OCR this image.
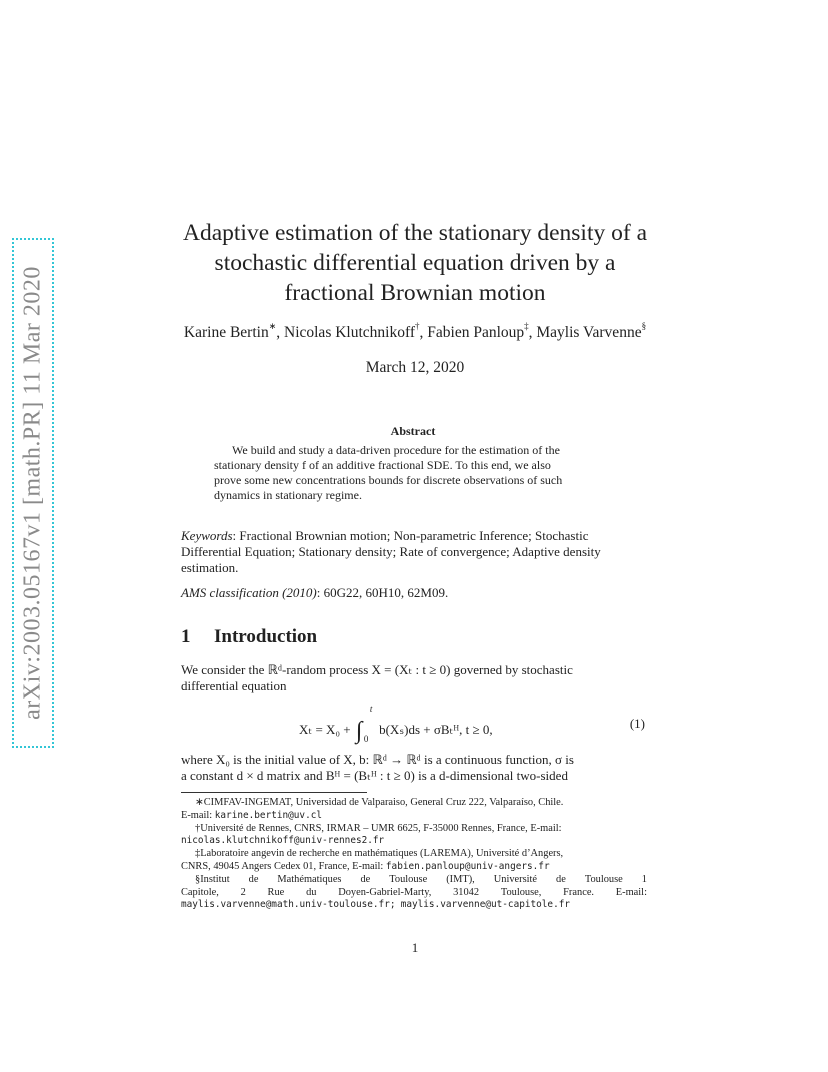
arXiv:2003.05167v1 [math.PR] 11 Mar 2020
Adaptive estimation of the stationary density of a
stochastic differential equation driven by a
fractional Brownian motion
Karine Bertin∗, Nicolas Klutchnikoff†, Fabien Panloup‡, Maylis Varvenne§
March 12, 2020
Abstract
We build and study a data-driven procedure for the estimation of the
stationary density f of an additive fractional SDE. To this end, we also
prove some new concentrations bounds for discrete observations of such
dynamics in stationary regime.
Keywords: Fractional Brownian motion; Non-parametric Inference; Stochastic
Differential Equation; Stationary density; Rate of convergence; Adaptive density
estimation.
AMS classification (2010): 60G22, 60H10, 62M09.
1 Introduction
We consider the ℝᵈ-random process X = (Xₜ : t ≥ 0) governed by stochastic
differential equation
Xₜ = X₀ + ∫
t
0
b(Xₛ)ds + σBₜᴴ, t ≥ 0,	(1)
where X₀ is the initial value of X, b: ℝᵈ → ℝᵈ is a continuous function, σ is
a constant d × d matrix and Bᴴ = (Bₜᴴ : t ≥ 0) is a d-dimensional two-sided
∗CIMFAV-INGEMAT, Universidad de Valparaiso, General Cruz 222, Valparaíso, Chile.
E-mail: karine.bertin@uv.cl
†Université de Rennes, CNRS, IRMAR – UMR 6625, F-35000 Rennes, France, E-mail:
nicolas.klutchnikoff@univ-rennes2.fr
‡Laboratoire angevin de recherche en mathématiques (LAREMA), Université d’Angers,
CNRS, 49045 Angers Cedex 01, France, E-mail: fabien.panloup@univ-angers.fr
§Institut de Mathématiques de Toulouse (IMT), Université de Toulouse 1
Capitole, 2 Rue du Doyen-Gabriel-Marty, 31042 Toulouse, France. E-mail:
maylis.varvenne@math.univ-toulouse.fr; maylis.varvenne@ut-capitole.fr
1
